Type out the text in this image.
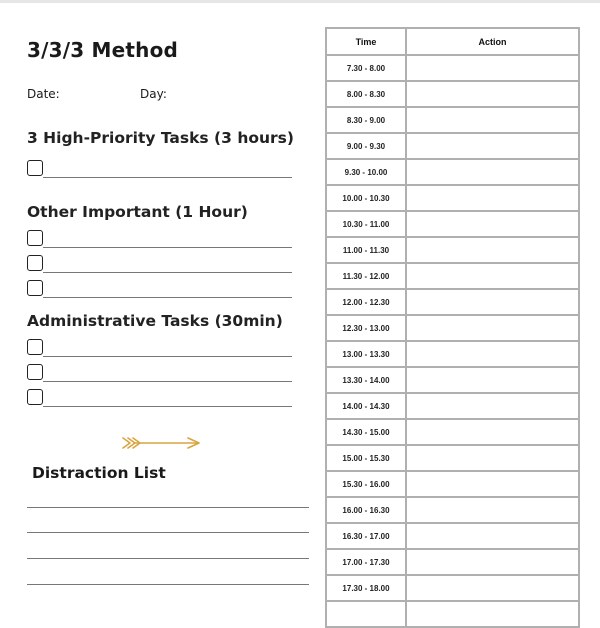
3/3/3 Method
Date:	Day:
3 High-Priority Tasks (3 hours)
Other Important (1 Hour)
Administrative Tasks (30min)
Distraction List
Time	Action
7.30 - 8.00	
8.00 - 8.30	
8.30 - 9.00	
9.00 - 9.30	
9.30 - 10.00	
10.00 - 10.30	
10.30 - 11.00	
11.00 - 11.30	
11.30 - 12.00	
12.00 - 12.30	
12.30 - 13.00	
13.00 - 13.30	
13.30 - 14.00	
14.00 - 14.30	
14.30 - 15.00	
15.00 - 15.30	
15.30 - 16.00	
16.00 - 16.30	
16.30 - 17.00	
17.00 - 17.30	
17.30 - 18.00	
